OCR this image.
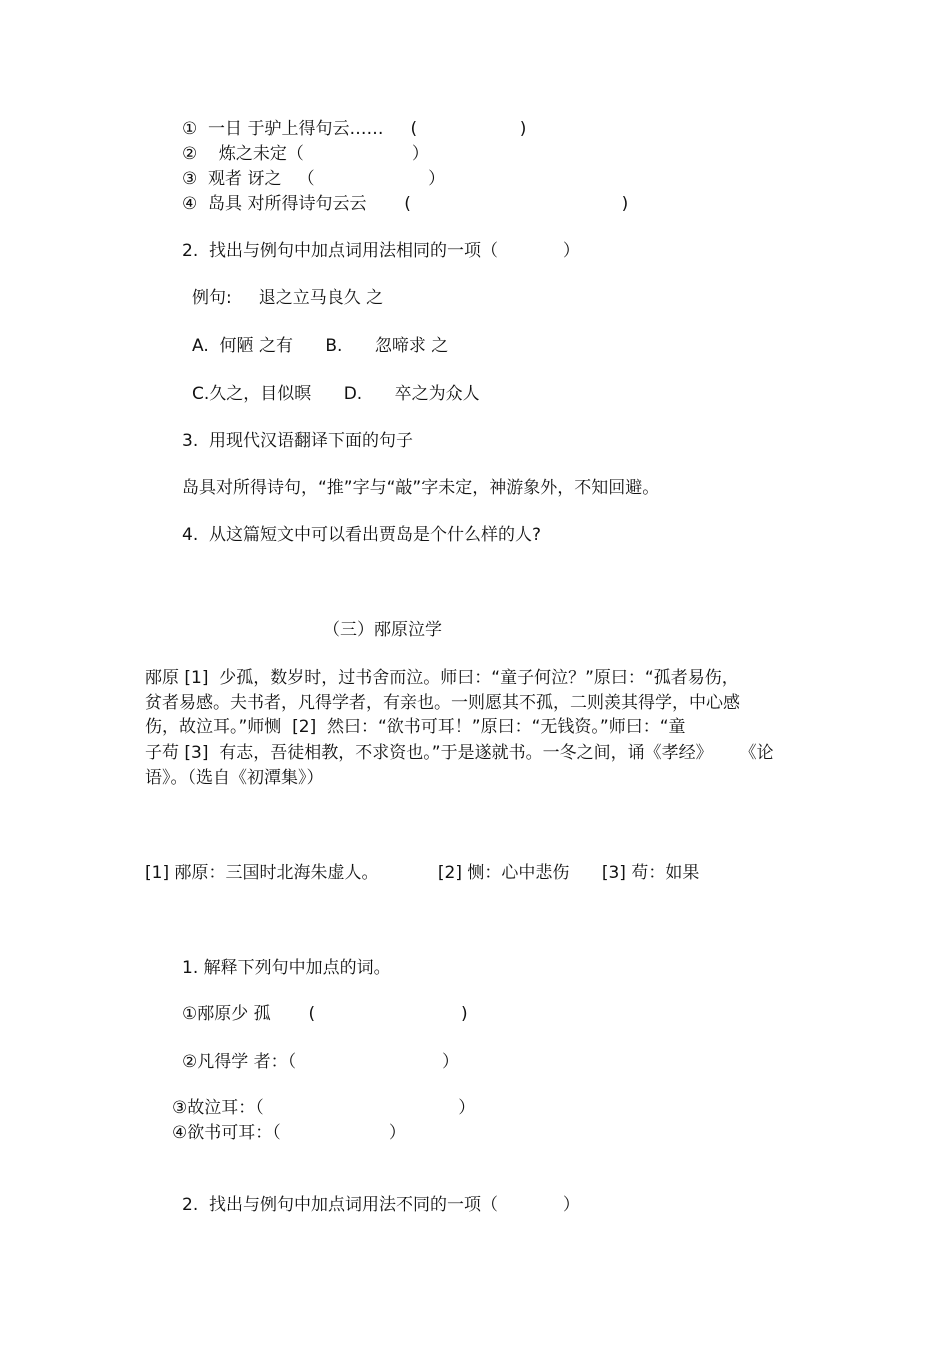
①  一日 于驴上得句云……     (                   )

②    炼之未定（                    ）

③  观者 讶之   （                     ）

④  岛具 对所得诗句云云       (                                       )

2.  找出与例句中加点词用法相同的一项（            ）

例句:     退之立马良久 之

A.  何陋 之有      B.      忽啼求 之

C.久之，目似暝      D.      卒之为众人

3.  用现代汉语翻译下面的句子

岛具对所得诗句，“推”字与“敲”字未定，神游象外，不知回避。

4.  从这篇短文中可以看出贾岛是个什么样的人?

（三）邴原泣学

邴原 [1]  少孤，数岁时，过书舍而泣。师曰：“童子何泣？”原曰：“孤者易伤，

贫者易感。夫书者，凡得学者，有亲也。一则愿其不孤，二则羡其得学，中心感

伤，故泣耳。”师恻  [2]  然曰：“欲书可耳！”原曰：“无钱资。”师曰：“童

子苟 [3]  有志，吾徒相教，不求资也。”于是遂就书。一冬之间，诵《孝经》     《论

语》。（选自《初潭集》）

[1] 邴原：三国时北海朱虚人。           [2] 恻：心中悲伤      [3] 苟：如果

1. 解释下列句中加点的词。

①邴原少 孤       (                           )

②凡得学 者：（                           ）

③故泣耳：（                                    ）

④欲书可耳：（                    ）

2.  找出与例句中加点词用法不同的一项（            ）
